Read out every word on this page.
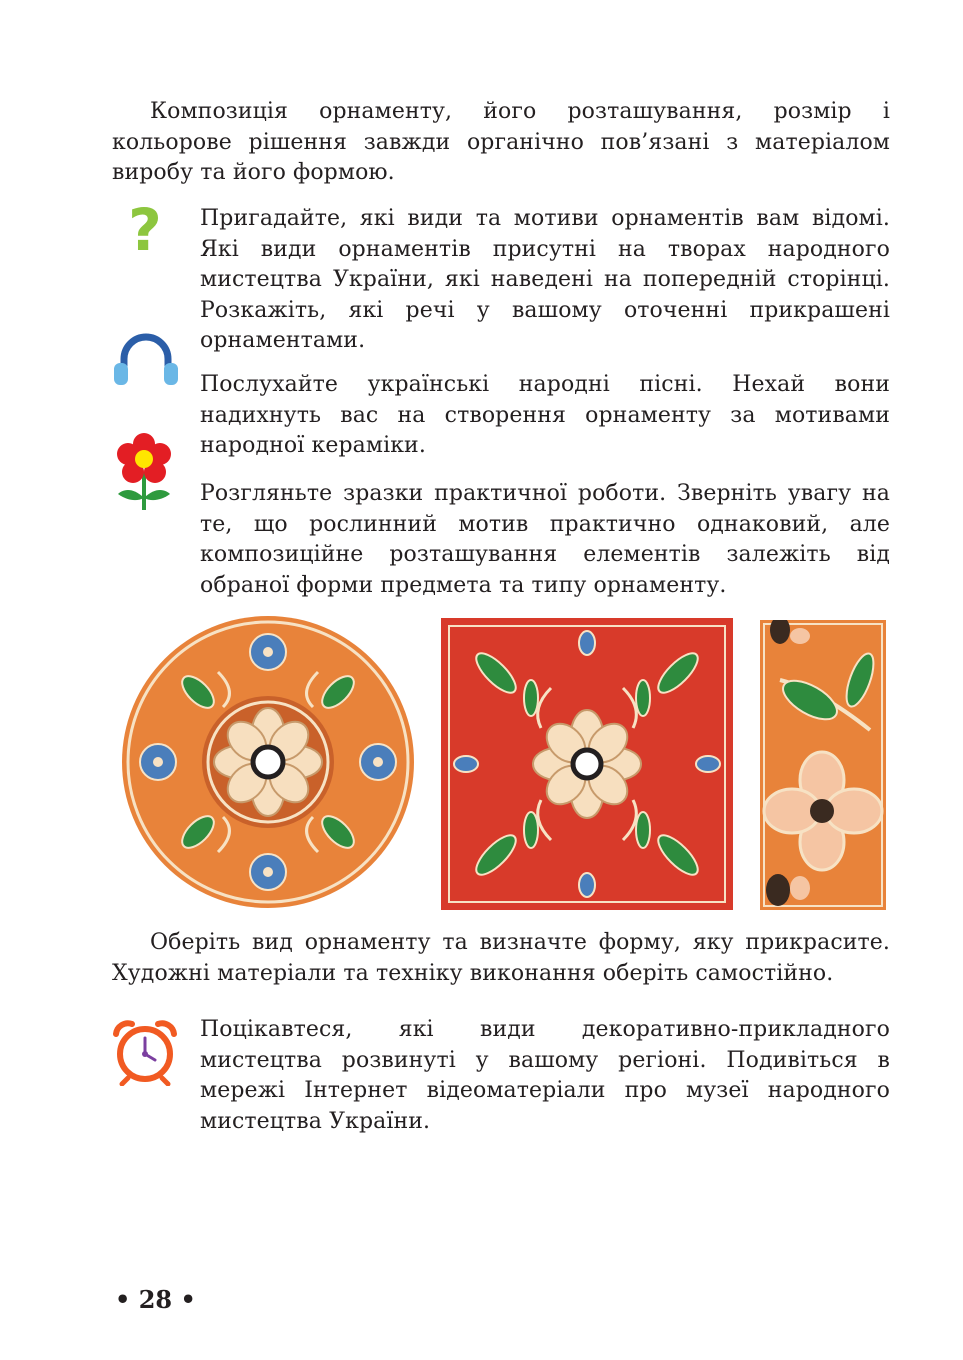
Композиція орнаменту, його розташування, розмір і кольорове рішення завжди органічно пов’язані з матеріалом виробу та його формою.

? Пригадайте, які види та мотиви орнаментів вам відомі. Які види орнаментів присутні на творах народного мистецтва України, які наведені на попередній сторінці. Розкажіть, які речі у вашому оточенні прикрашені орнаментами.

Послухайте українські народні пісні. Нехай вони надихнуть вас на створення орнаменту за мотивами народної кераміки.

Розгляньте зразки практичної роботи. Зверніть увагу на те, що рослинний мотив практично однаковий, але композиційне розташування елементів залежіть від обраної форми предмета та типу орнаменту.

Оберіть вид орнаменту та визначте форму, яку прикрасите. Художні матеріали та техніку виконання оберіть самостійно.

Поцікавтеся, які види декоративно-прикладного мистецтва розвинуті у вашому регіоні. Подивіться в мережі Інтернет відеоматеріали про музеї народного мистецтва України.

• 28 •
